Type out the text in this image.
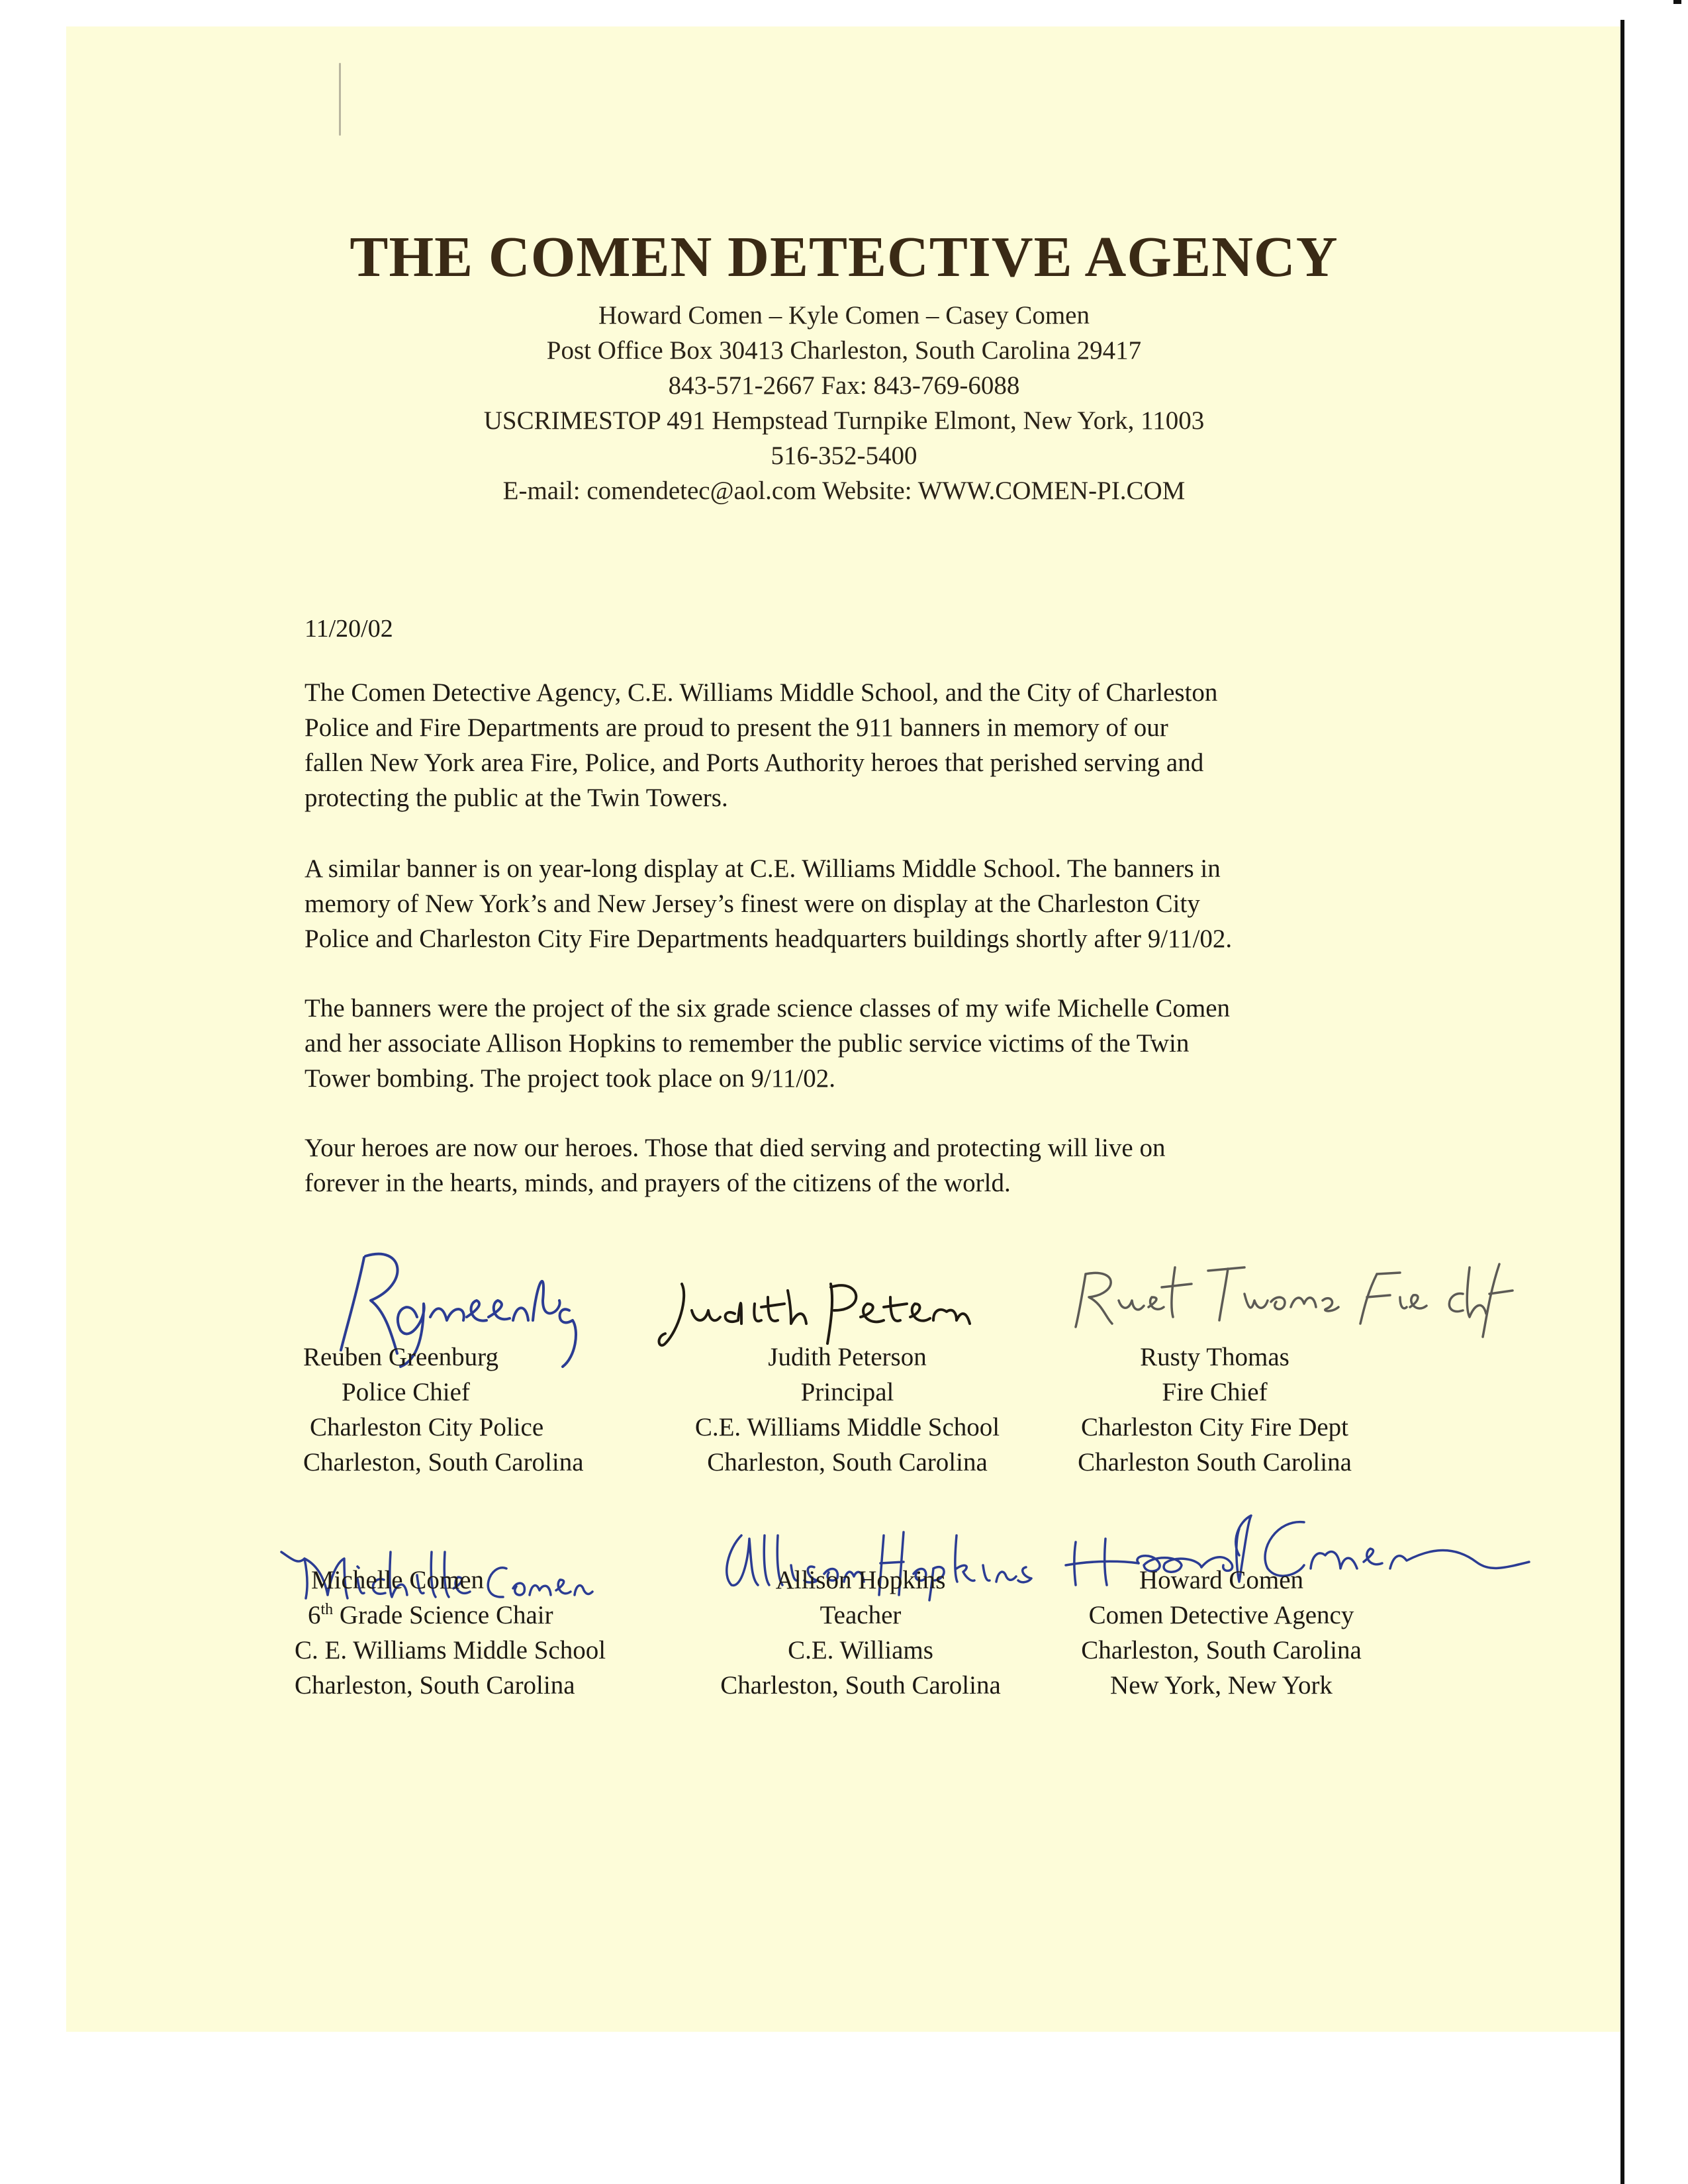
THE COMEN DETECTIVE AGENCY
Howard Comen – Kyle Comen – Casey Comen
Post Office Box 30413 Charleston, South Carolina 29417
843-571-2667 Fax: 843-769-6088
USCRIMESTOP 491 Hempstead Turnpike Elmont, New York, 11003
516-352-5400
E-mail: comendetec@aol.com Website: WWW.COMEN-PI.COM
11/20/02

The Comen Detective Agency, C.E. Williams Middle School, and the City of Charleston
Police and Fire Departments are proud to present the 911 banners in memory of our
fallen New York area Fire, Police, and Ports Authority heroes that perished serving and
protecting the public at the Twin Towers.

A similar banner is on year-long display at C.E. Williams Middle School. The banners in
memory of New York’s and New Jersey’s finest were on display at the Charleston City
Police and Charleston City Fire Departments headquarters buildings shortly after 9/11/02.

The banners were the project of the six grade science classes of my wife Michelle Comen
and her associate Allison Hopkins to remember the public service victims of the Twin
Tower bombing. The project took place on 9/11/02.

Your heroes are now our heroes. Those that died serving and protecting will live on
forever in the hearts, minds, and prayers of the citizens of the world.

Reuben Greenburg
Police Chief
Charleston City Police
Charleston, South Carolina
Judith Peterson
Principal
C.E. Williams Middle School
Charleston, South Carolina
Rusty Thomas
Fire Chief
Charleston City Fire Dept
Charleston South Carolina
Michelle Comen
6th Grade Science Chair
C. E. Williams Middle School
Charleston, South Carolina
Allison Hopkins
Teacher
C.E. Williams
Charleston, South Carolina
Howard Comen
Comen Detective Agency
Charleston, South Carolina
New York, New York
